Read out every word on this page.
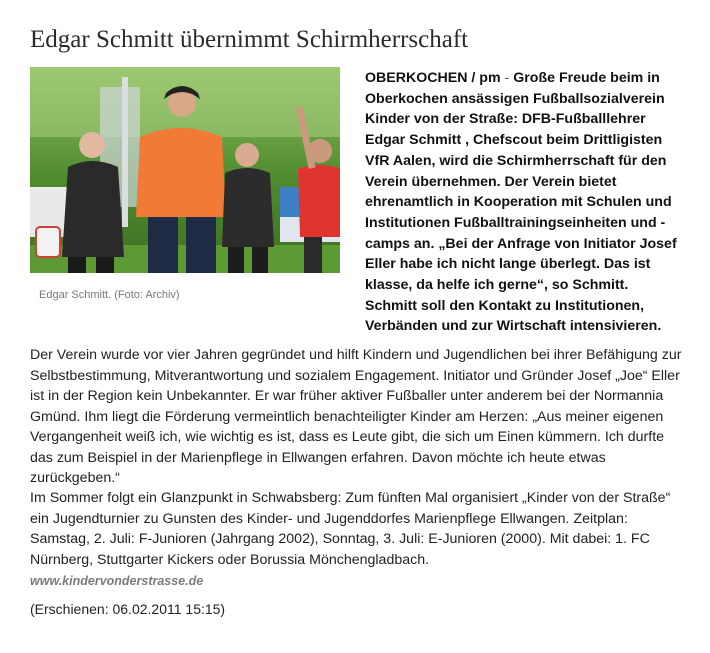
Edgar Schmitt übernimmt Schirmherrschaft
Edgar Schmitt. (Foto: Archiv)
OBERKOCHEN / pm - Große Freude beim in Oberkochen ansässigen Fußballsozialverein Kinder von der Straße: DFB-Fußballlehrer Edgar Schmitt , Chefscout beim Drittligisten VfR Aalen, wird die Schirmherrschaft für den Verein übernehmen. Der Verein bietet ehrenamtlich in Kooperation mit Schulen und Institutionen Fußballtrainingseinheiten und -camps an. „Bei der Anfrage von Initiator Josef Eller habe ich nicht lange überlegt. Das ist klasse, da helfe ich gerne“, so Schmitt. Schmitt soll den Kontakt zu Institutionen, Verbänden und zur Wirtschaft intensivieren.

Der Verein wurde vor vier Jahren gegründet und hilft Kindern und Jugendlichen bei ihrer Befähigung zur Selbstbestimmung, Mitverantwortung und sozialem Engagement. Initiator und Gründer Josef „Joe“ Eller ist in der Region kein Unbekannter. Er war früher aktiver Fußballer unter anderem bei der Normannia Gmünd. Ihm liegt die Förderung vermeintlich benachteiligter Kinder am Herzen: „Aus meiner eigenen Vergangenheit weiß ich, wie wichtig es ist, dass es Leute gibt, die sich um Einen kümmern. Ich durfte das zum Beispiel in der Marienpflege in Ellwangen erfahren. Davon möchte ich heute etwas zurückgeben.“

Im Sommer folgt ein Glanzpunkt in Schwabsberg: Zum fünften Mal organisiert „Kinder von der Straße“ ein Jugendturnier zu Gunsten des Kinder- und Jugenddorfes Marienpflege Ellwangen. Zeitplan: Samstag, 2. Juli: F-Junioren (Jahrgang 2002), Sonntag, 3. Juli: E-Junioren (2000). Mit dabei: 1. FC Nürnberg, Stuttgarter Kickers oder Borussia Mönchengladbach.

www.kindervonderstrasse.de
(Erschienen: 06.02.2011 15:15)
